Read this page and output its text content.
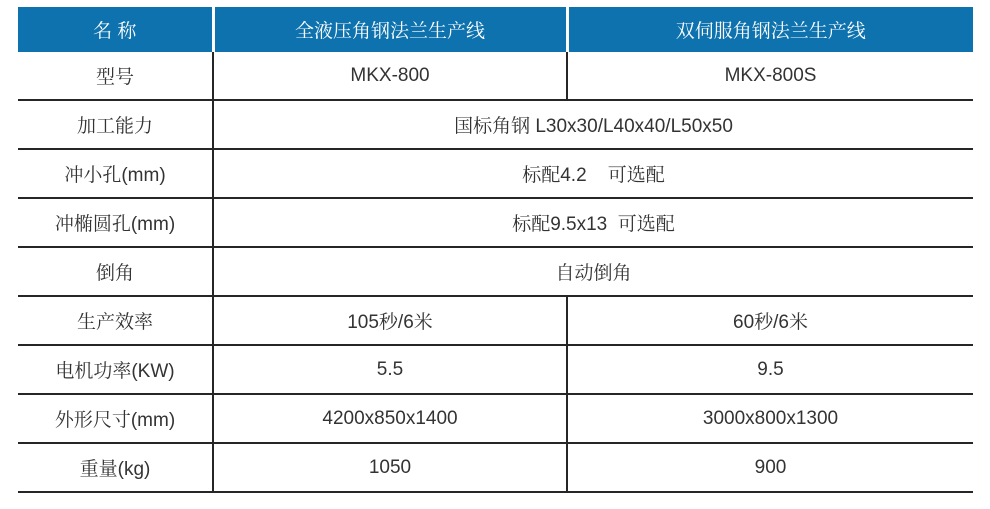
名 称	全液压角钢法兰生产线	双伺服角钢法兰生产线
型号	MKX-800	MKX-800S
加工能力	国标角钢 L30x30/L40x40/L50x50	
冲小孔(mm)	标配4.2    可选配	
冲椭圆孔(mm)	标配9.5x13  可选配	
倒角	自动倒角	
生产效率	105秒/6米	60秒/6米
电机功率(KW)	5.5	9.5
外形尺寸(mm)	4200x850x1400	3000x800x1300
重量(kg)	1050	900
